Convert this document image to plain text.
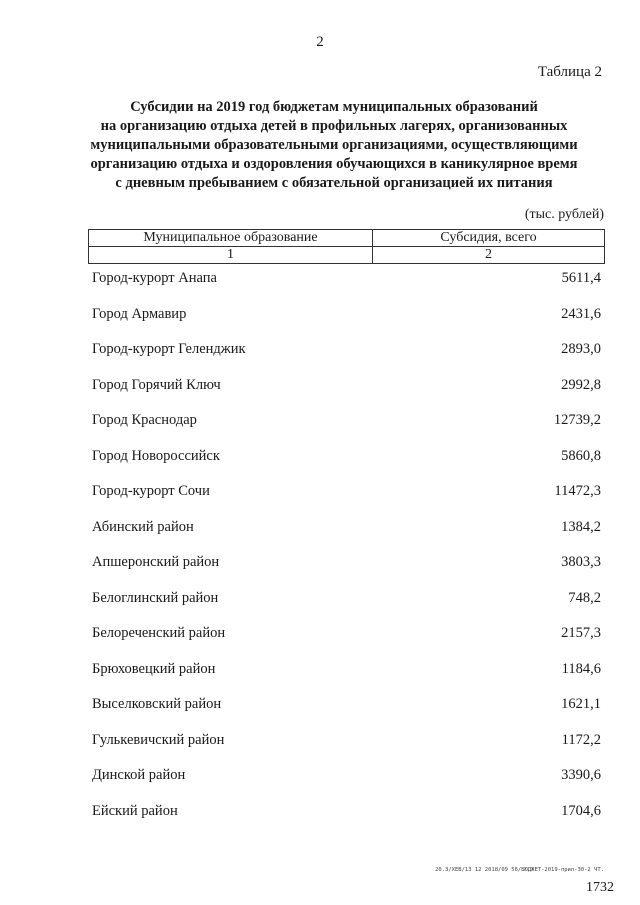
2
Таблица 2
Субсидии на 2019 год бюджетам муниципальных образований
на организацию отдыха детей в профильных лагерях, организованных
муниципальными образовательными организациями, осуществляющими
организацию отдыха и оздоровления обучающихся в каникулярное время
с дневным пребыванием с обязательной организацией их питания
(тыс. рублей)
Муниципальное образование	Субсидия, всего
1	2
Город-курорт Анапа	5611,4
Город Армавир	2431,6
Город-курорт Геленджик	2893,0
Город Горячий Ключ	2992,8
Город Краснодар	12739,2
Город Новороссийск	5860,8
Город-курорт Сочи	11472,3
Абинский район	1384,2
Апшеронский район	3803,3
Белоглинский район	748,2
Белореченский район	2157,3
Брюховецкий район	1184,6
Выселковский район	1621,1
Гулькевичский район	1172,2
Динской район	3390,6
Ейский район	1704,6
20.3/ХЕВ/13 12 2018/09 56/БЮДЖЕТ-2019-прил-30-2 ЧТ.
1732
